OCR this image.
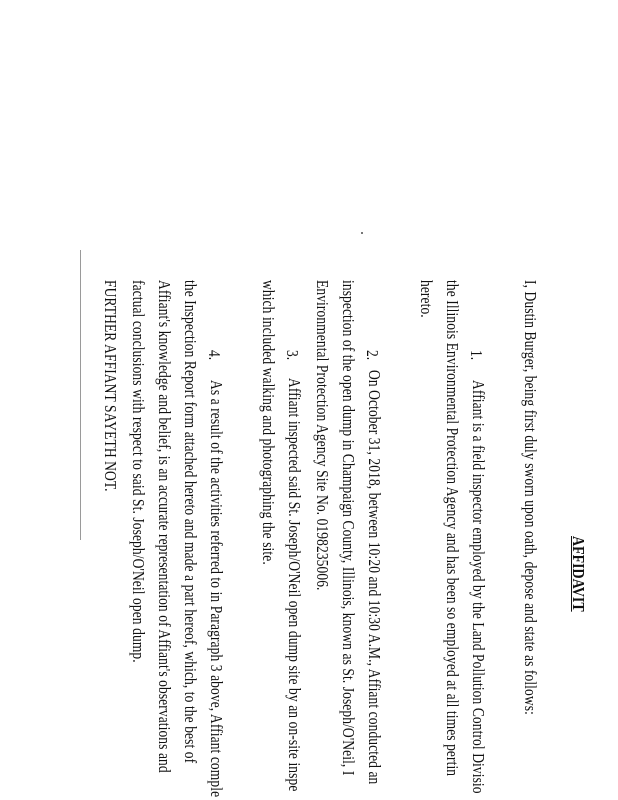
AFFIDAVIT
I, Dustin Burger, being first duly sworn upon oath, depose and state as follows:
1.
Affiant is a field inspector employed by the Land Pollution Control Divisio
the Illinois Environmental Protection Agency and has been so employed at all times pertin
hereto.
2.
On October 31, 2018, between 10:20 and 10:30 A.M., Affiant conducted an
inspection of the open dump in Champaign County, Illinois, known as St. Joseph/O'Neil, I
Environmental Protection Agency Site No. 0198235006.
3.
Affiant inspected said St. Joseph/O'Neil open dump site by an on-site inspe
which included walking and photographing the site.
4.
As a result of the activities referred to in Paragraph 3 above, Affiant comple
the Inspection Report form attached hereto and made a part hereof, which, to the best of
Affiant's knowledge and belief, is an accurate representation of Affiant's observations and
factual conclusions with respect to said St. Joseph/O'Neil open dump.
FURTHER AFFIANT SAYETH NOT.
